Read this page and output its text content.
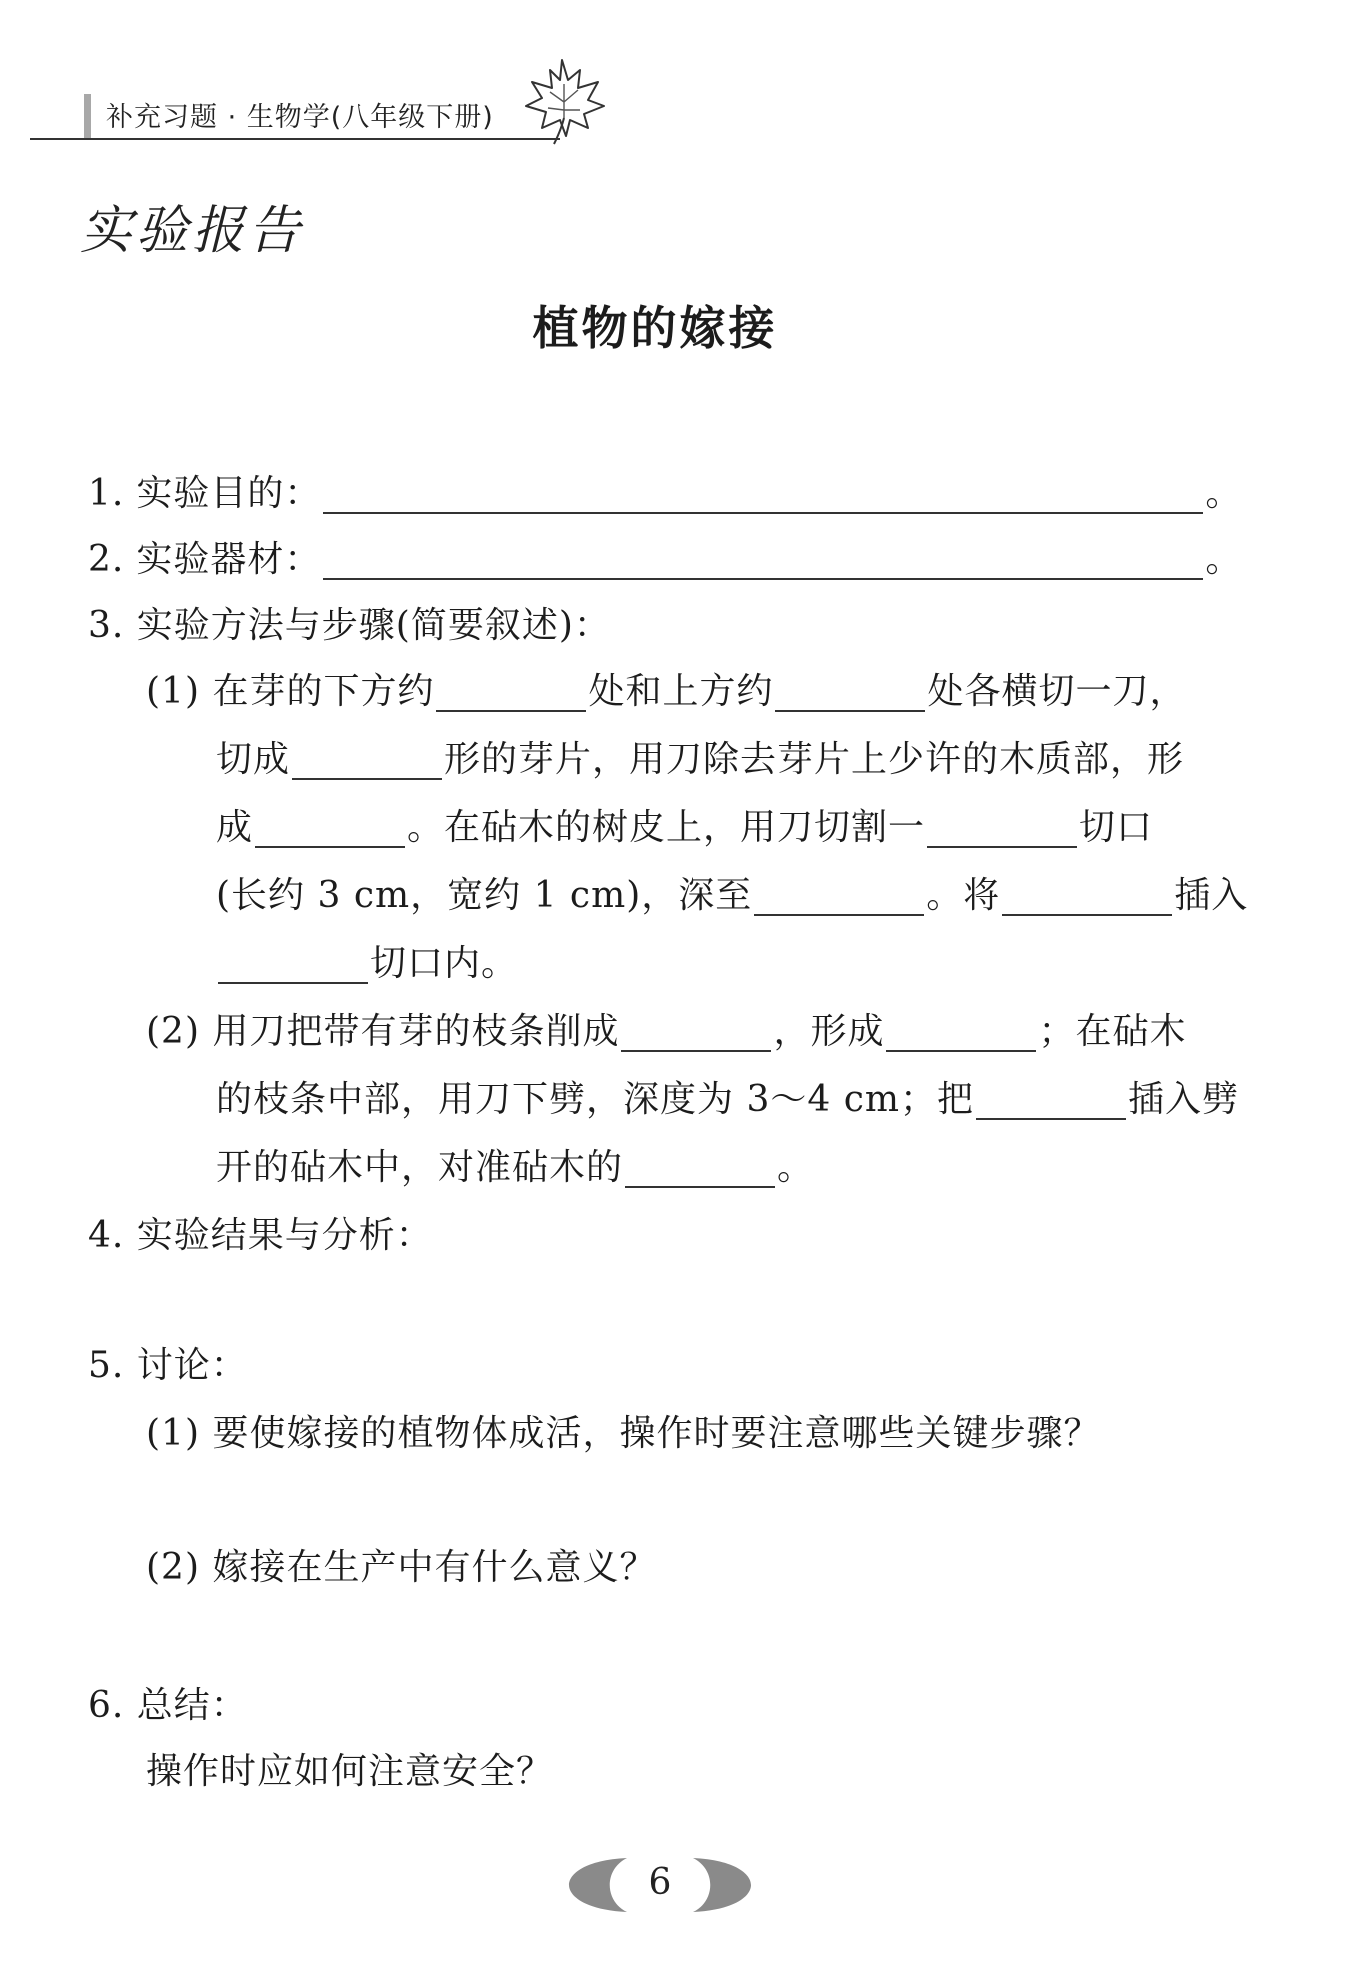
补充习题 · 生物学(八年级下册)
实验报告
植物的嫁接
1. 实验目的：	。
2. 实验器材：	。
3. 实验方法与步骤(简要叙述)：
(1) 在芽的下方约	处和上方约	处各横切一刀，
切成	形的芽片，用刀除去芽片上少许的木质部，形
成	。在砧木的树皮上，用刀切割一	切口
(长约 3 cm，宽约 1 cm)，深至	。将	插入
切口内。
(2) 用刀把带有芽的枝条削成	，形成	；在砧木
的枝条中部，用刀下劈，深度为 3～4 cm；把	插入劈
开的砧木中，对准砧木的	。
4. 实验结果与分析：
5. 讨论：
(1) 要使嫁接的植物体成活，操作时要注意哪些关键步骤？
(2) 嫁接在生产中有什么意义？
6. 总结：
操作时应如何注意安全？
6
